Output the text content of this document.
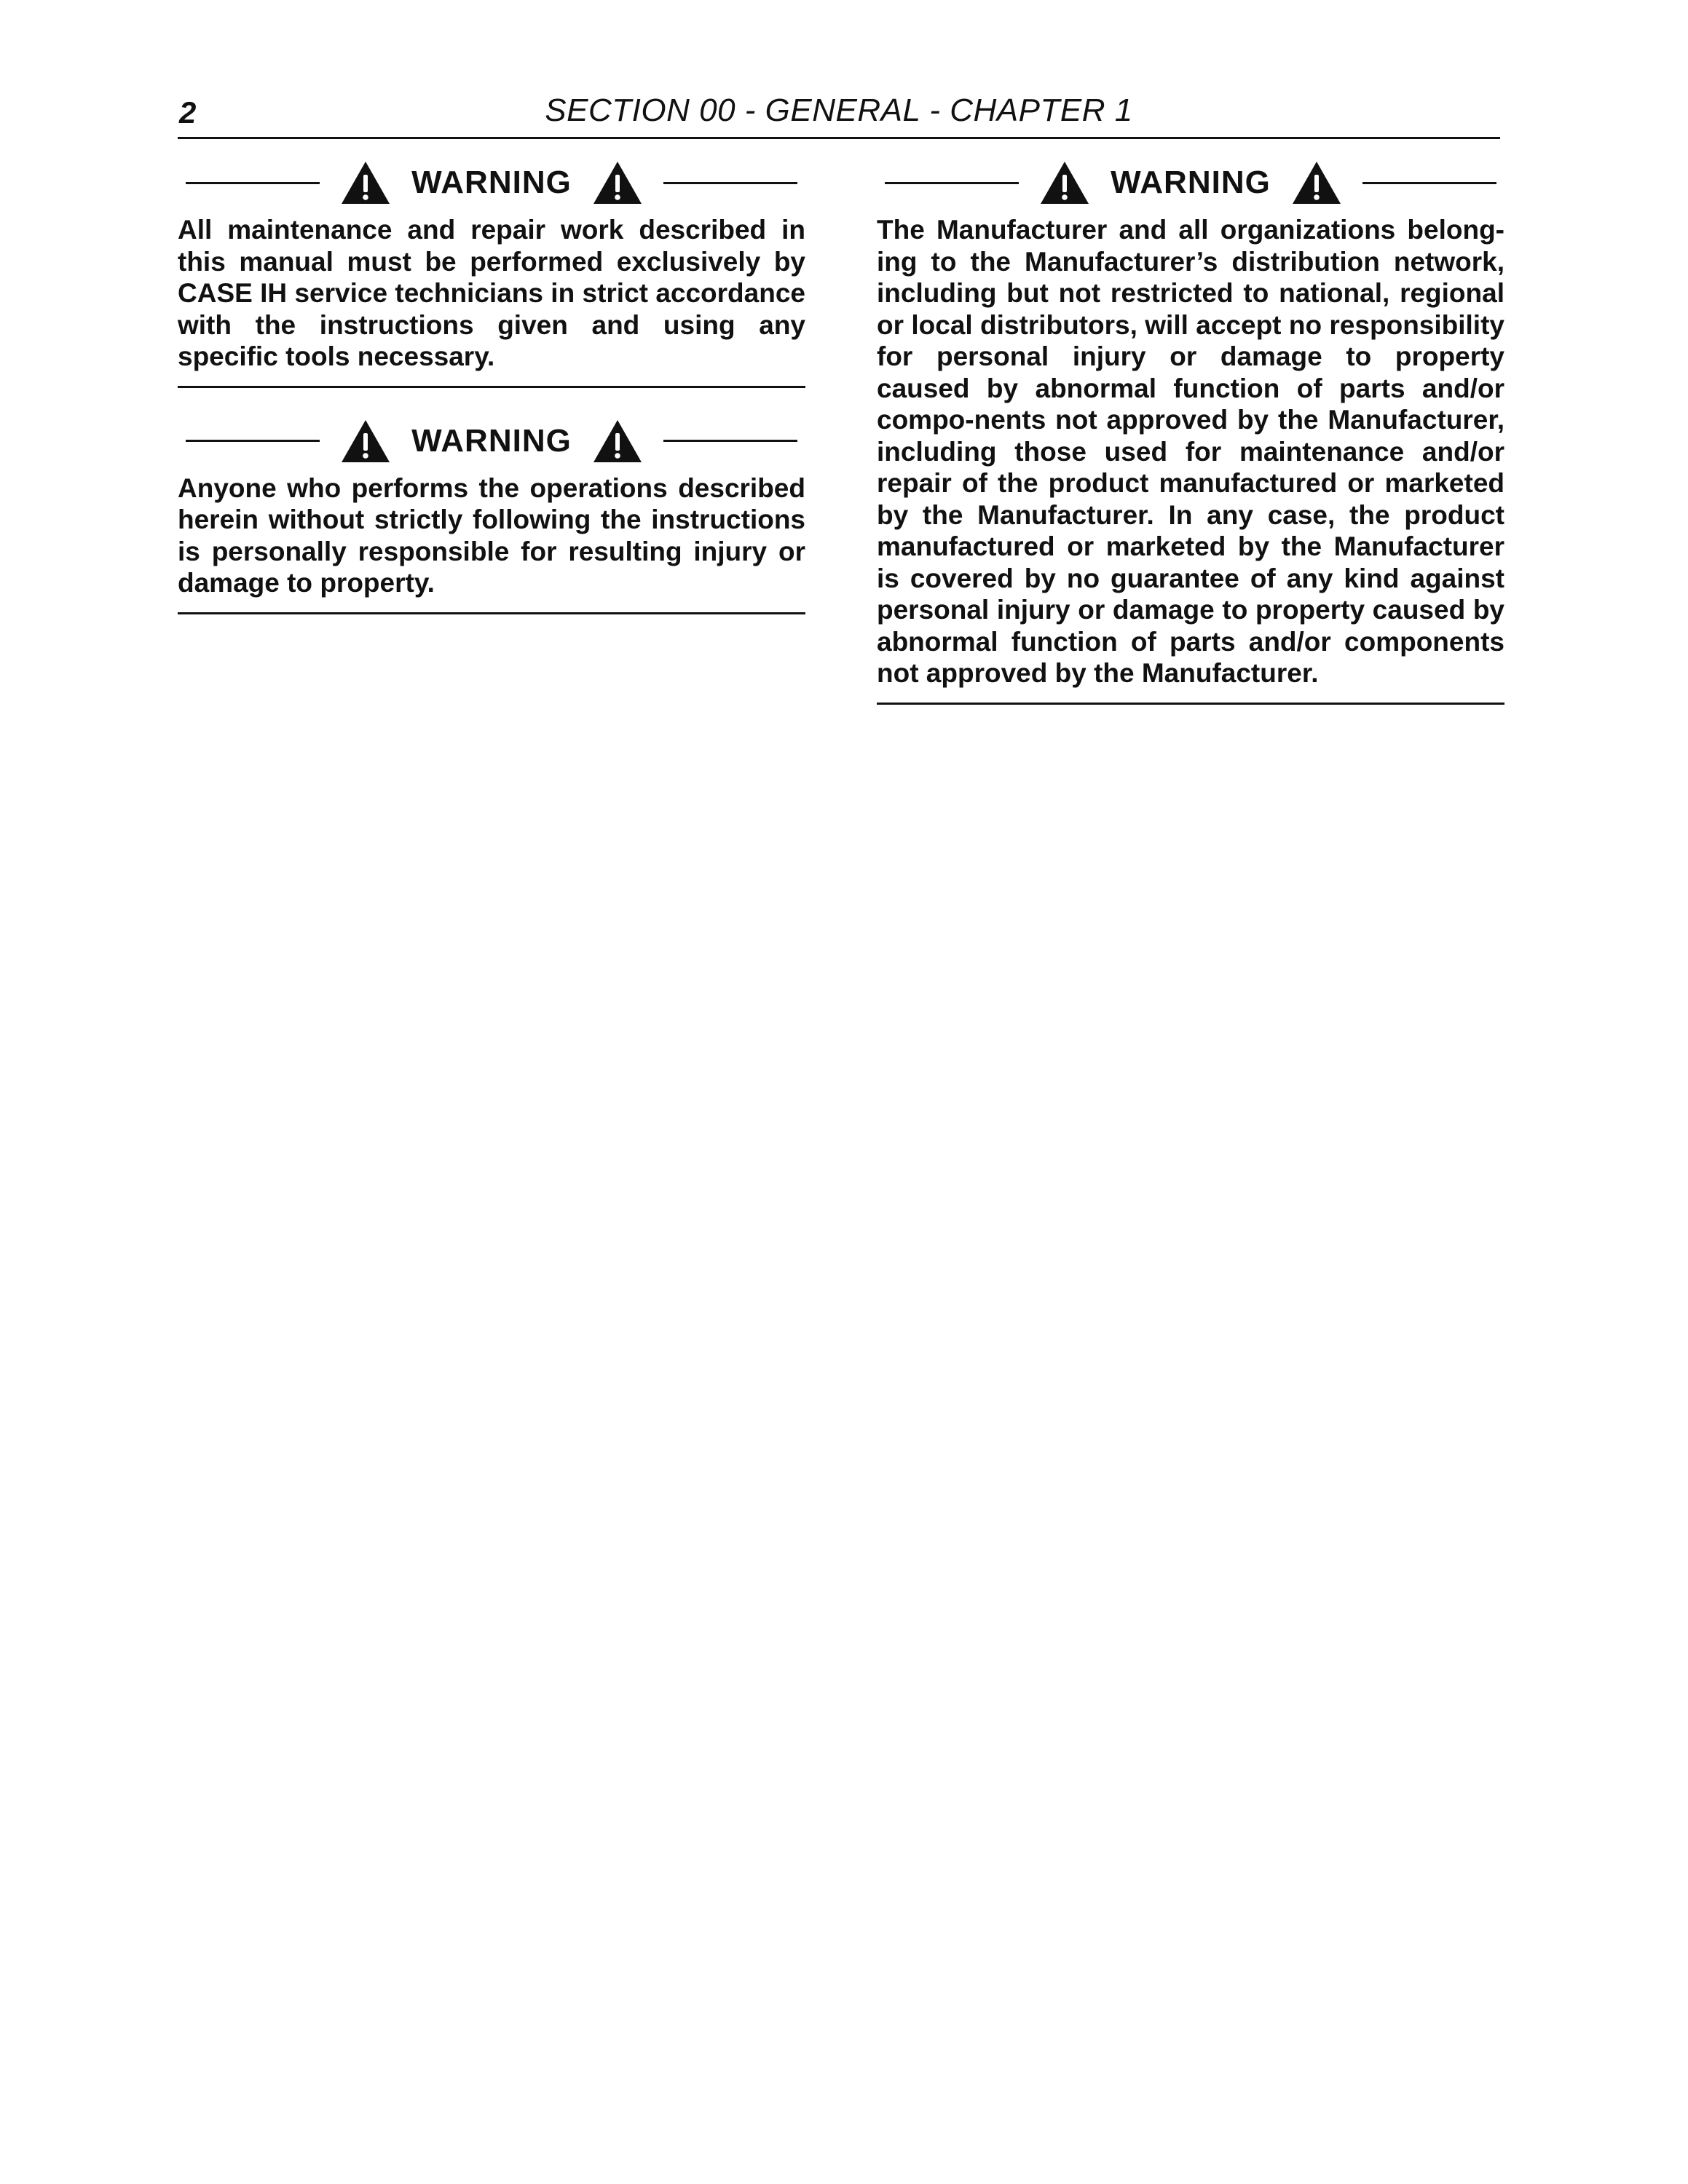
2	SECTION 00 - GENERAL - CHAPTER 1
WARNING

All maintenance and repair work described in this manual must be performed exclusively by CASE IH service technicians in strict accordance with the instructions given and using any specific tools necessary.

WARNING

Anyone who performs the operations described herein without strictly following the instructions is personally responsible for resulting injury or damage to property.

WARNING

The Manufacturer and all organizations belong-ing to the Manufacturer’s distribution network, including but not restricted to national, regional or local distributors, will accept no responsibility for personal injury or damage to property caused by abnormal function of parts and/or compo-nents not approved by the Manufacturer, including those used for maintenance and/or repair of the product manufactured or marketed by the Manufacturer. In any case, the product manufactured or marketed by the Manufacturer is covered by no guarantee of any kind against personal injury or damage to property caused by abnormal function of parts and/or components not approved by the Manufacturer.
